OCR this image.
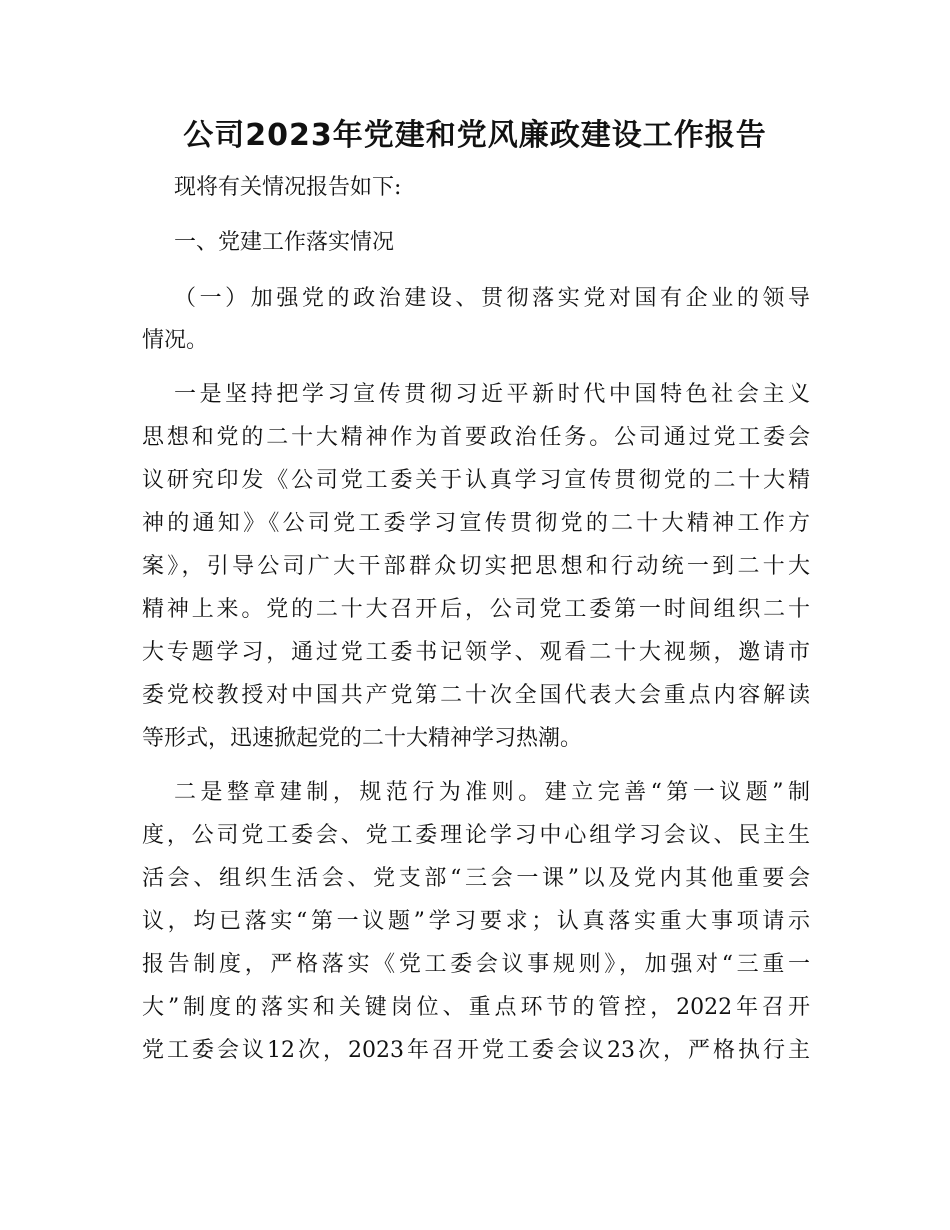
公司2023年党建和党风廉政建设工作报告

现将有关情况报告如下:

一、党建工作落实情况

（一）加强党的政治建设、贯彻落实党对国有企业的领导

情况。

一是坚持把学习宣传贯彻习近平新时代中国特色社会主义

思想和党的二十大精神作为首要政治任务。公司通过党工委会

议研究印发《公司党工委关于认真学习宣传贯彻党的二十大精

神的通知》《公司党工委学习宣传贯彻党的二十大精神工作方

案》，引导公司广大干部群众切实把思想和行动统一到二十大

精神上来。党的二十大召开后，公司党工委第一时间组织二十

大专题学习，通过党工委书记领学、观看二十大视频，邀请市

委党校教授对中国共产党第二十次全国代表大会重点内容解读

等形式，迅速掀起党的二十大精神学习热潮。

二是整章建制，规范行为准则。建立完善“第一议题”制

度，公司党工委会、党工委理论学习中心组学习会议、民主生

活会、组织生活会、党支部“三会一课”以及党内其他重要会

议，均已落实“第一议题”学习要求；认真落实重大事项请示

报告制度，严格落实《党工委会议事规则》，加强对“三重一

大”制度的落实和关键岗位、重点环节的管控，2022年召开

党工委会议12次，2023年召开党工委会议23次，严格执行主
